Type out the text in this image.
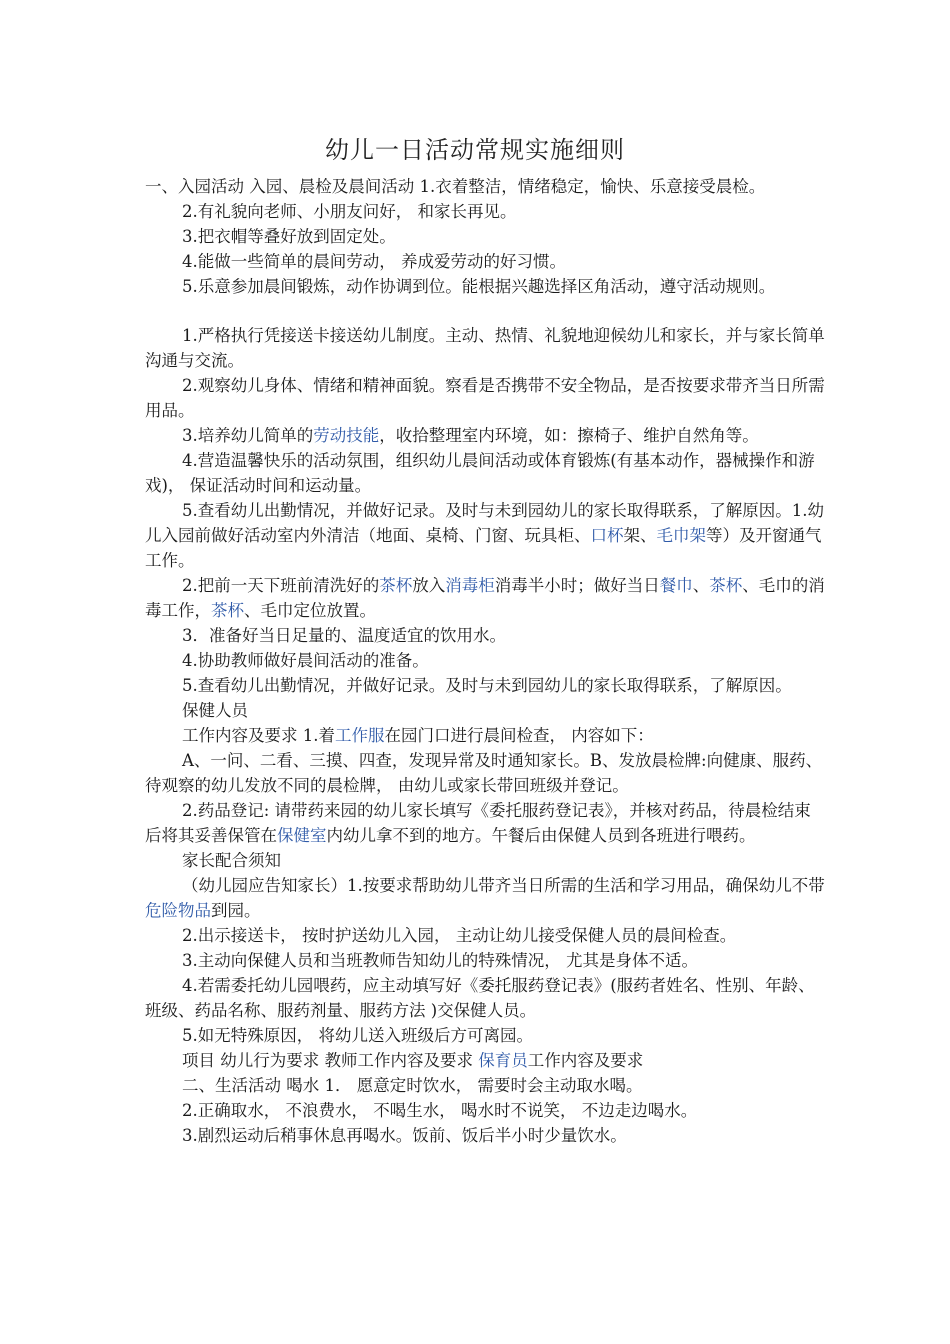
幼儿一日活动常规实施细则
一、入园活动 入园、晨检及晨间活动 1.衣着整洁，情绪稳定，愉快、乐意接受晨检。
2.有礼貌向老师、小朋友问好， 和家长再见。
3.把衣帽等叠好放到固定处。
4.能做一些简单的晨间劳动， 养成爱劳动的好习惯。
5.乐意参加晨间锻炼，动作协调到位。能根据兴趣选择区角活动，遵守活动规则。
1.严格执行凭接送卡接送幼儿制度。主动、热情、礼貌地迎候幼儿和家长，并与家长简单沟通与交流。
2.观察幼儿身体、情绪和精神面貌。察看是否携带不安全物品，是否按要求带齐当日所需用品。
3.培养幼儿简单的劳动技能，收拾整理室内环境，如：擦椅子、维护自然角等。
4.营造温馨快乐的活动氛围，组织幼儿晨间活动或体育锻炼(有基本动作，器械操作和游戏)， 保证活动时间和运动量。
5.查看幼儿出勤情况，并做好记录。及时与未到园幼儿的家长取得联系，了解原因。1.幼儿入园前做好活动室内外清洁（地面、桌椅、门窗、玩具柜、口杯架、毛巾架等）及开窗通气工作。
2.把前一天下班前清洗好的茶杯放入消毒柜消毒半小时；做好当日餐巾、茶杯、毛巾的消毒工作，茶杯、毛巾定位放置。
3．准备好当日足量的、温度适宜的饮用水。
4.协助教师做好晨间活动的准备。
5.查看幼儿出勤情况，并做好记录。及时与未到园幼儿的家长取得联系，了解原因。
保健人员
工作内容及要求 1.着工作服在园门口进行晨间检查， 内容如下：
A、一问、二看、三摸、四查，发现异常及时通知家长。B、发放晨检牌:向健康、服药、待观察的幼儿发放不同的晨检牌， 由幼儿或家长带回班级并登记。
2.药品登记: 请带药来园的幼儿家长填写《委托服药登记表》，并核对药品，待晨检结束后将其妥善保管在保健室内幼儿拿不到的地方。午餐后由保健人员到各班进行喂药。
家长配合须知
（幼儿园应告知家长）1.按要求帮助幼儿带齐当日所需的生活和学习用品，确保幼儿不带危险物品到园。
2.出示接送卡， 按时护送幼儿入园， 主动让幼儿接受保健人员的晨间检查。
3.主动向保健人员和当班教师告知幼儿的特殊情况， 尤其是身体不适。
4.若需委托幼儿园喂药，应主动填写好《委托服药登记表》(服药者姓名、性别、年龄、班级、药品名称、服药剂量、服药方法 )交保健人员。
5.如无特殊原因， 将幼儿送入班级后方可离园。
项目 幼儿行为要求 教师工作内容及要求 保育员工作内容及要求
二、生活活动 喝水 1． 愿意定时饮水， 需要时会主动取水喝。
2.正确取水， 不浪费水， 不喝生水， 喝水时不说笑， 不边走边喝水。
3.剧烈运动后稍事休息再喝水。饭前、饭后半小时少量饮水。
